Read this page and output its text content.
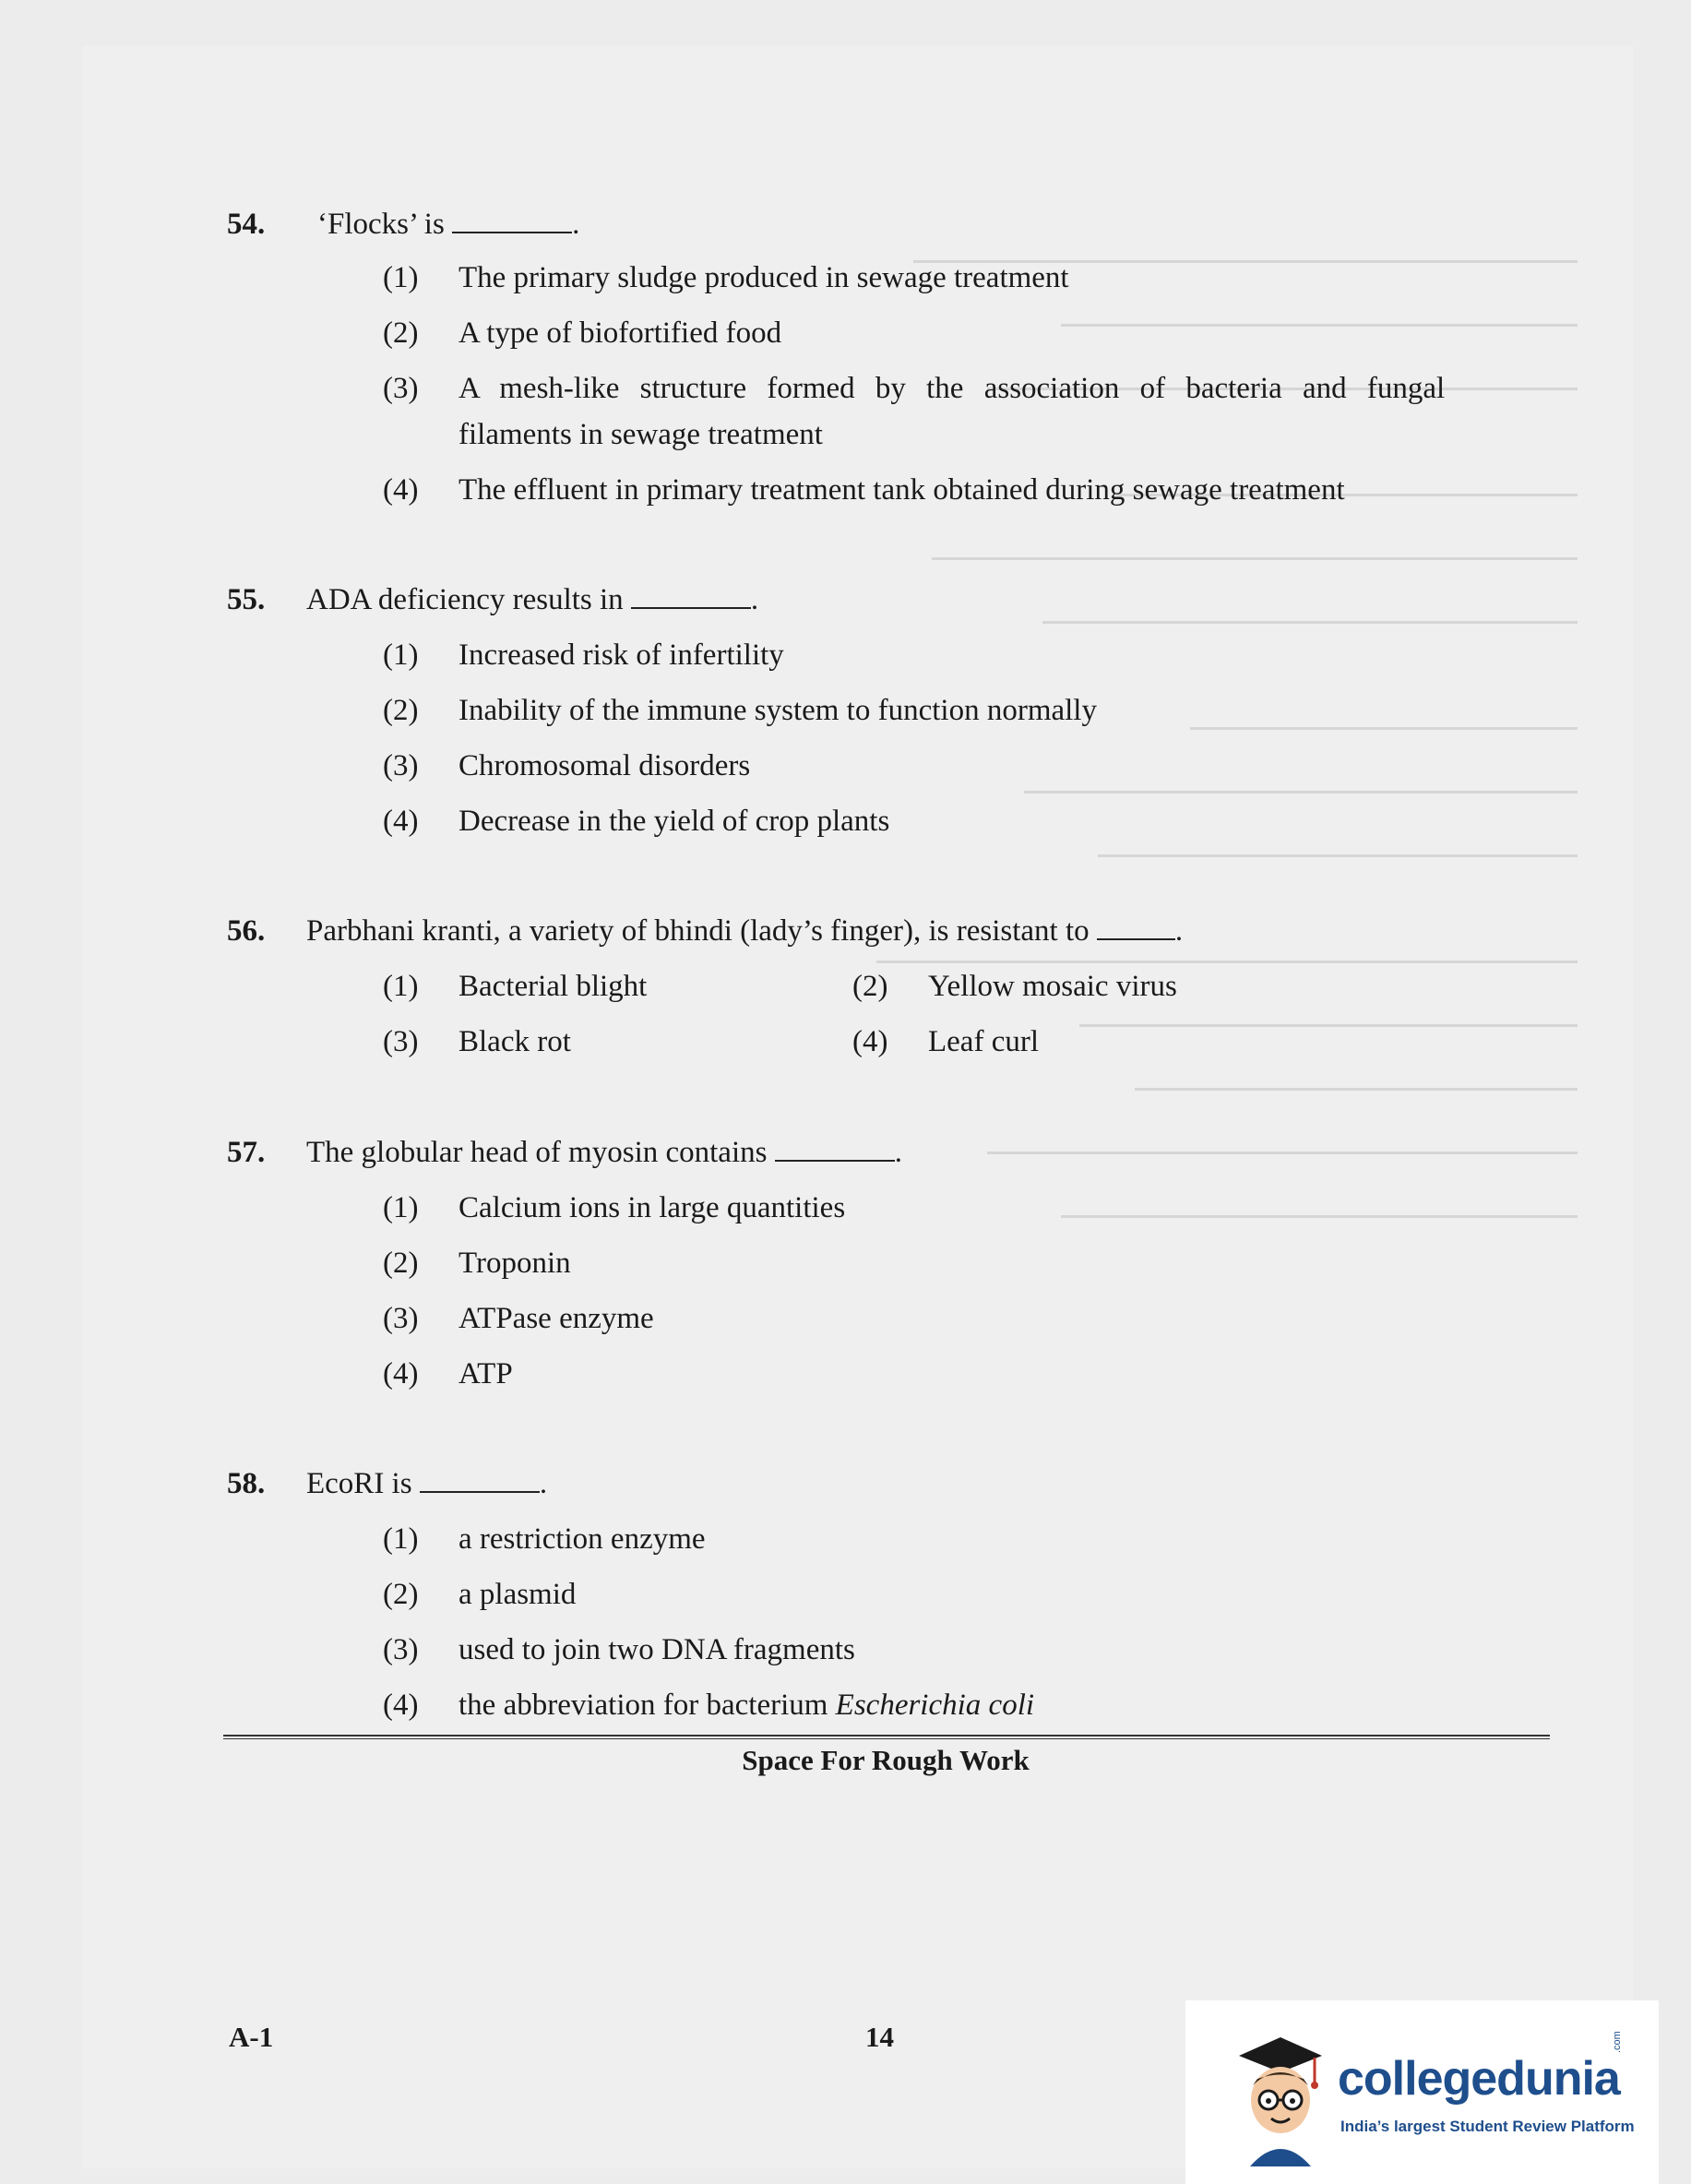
54. ‘Flocks’ is	.
(1) The primary sludge produced in sewage treatment
(2) A type of biofortified food
(3) A mesh-like structure formed by the association of bacteria and fungal
filaments in sewage treatment
(4) The effluent in primary treatment tank obtained during sewage treatment
55. ADA deficiency results in	.
(1) Increased risk of infertility
(2) Inability of the immune system to function normally
(3) Chromosomal disorders
(4) Decrease in the yield of crop plants
56. Parbhani kranti, a variety of bhindi (lady’s finger), is resistant to	.
(1) Bacterial blight	(2) Yellow mosaic virus
(3) Black rot	(4) Leaf curl
57. The globular head of myosin contains	.
(1) Calcium ions in large quantities
(2) Troponin
(3) ATPase enzyme
(4) ATP
58. EcoRI is	.
(1) a restriction enzyme
(2) a plasmid
(3) used to join two DNA fragments
(4) the abbreviation for bacterium Escherichia coli
Space For Rough Work
A-1	14
collegedunia
.com
India’s largest Student Review Platform
